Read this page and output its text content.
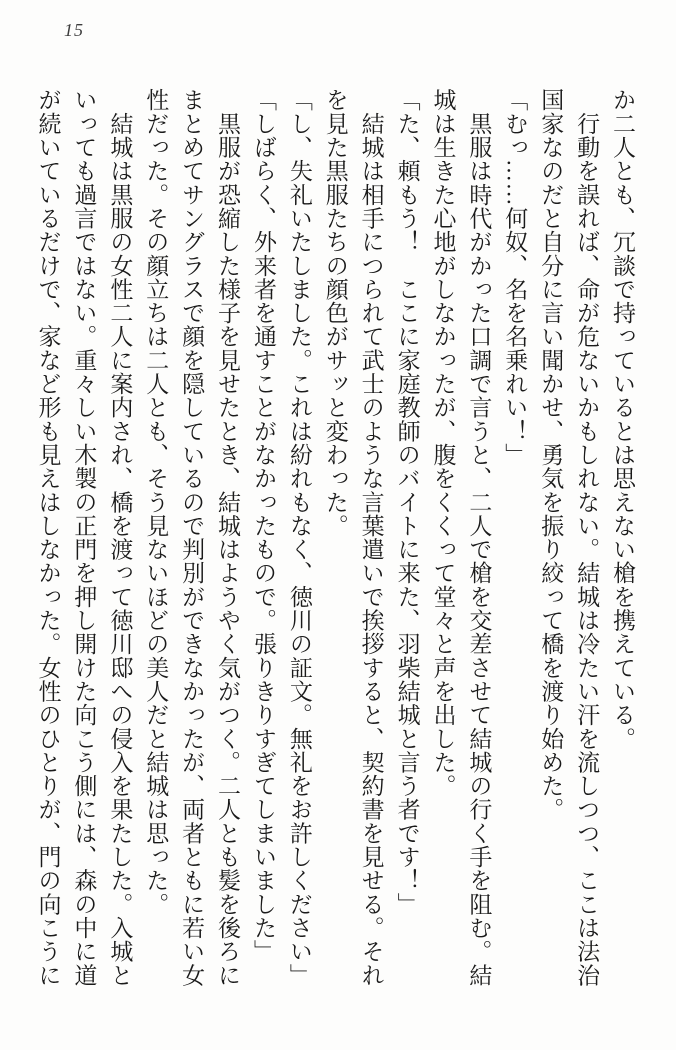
15

か二人とも、冗談で持っているとは思えない槍を携えている。

　行動を誤れば、命が危ないかもしれない。結城は冷たい汗を流しつつ、ここは法治

国家なのだと自分に言い聞かせ、勇気を振り絞って橋を渡り始めた。

「むっ……何奴、名を名乗れい！」

　黒服は時代がかった口調で言うと、二人で槍を交差させて結城の行く手を阻む。結

城は生きた心地がしなかったが、腹をくくって堂々と声を出した。

「た、頼もう！　ここに家庭教師のバイトに来た、羽柴結城と言う者です！」

　結城は相手につられて武士のような言葉遣いで挨拶すると、契約書を見せる。それ

を見た黒服たちの顔色がサッと変わった。

「し、失礼いたしました。これは紛れもなく、徳川の証文。無礼をお許しください」

「しばらく、外来者を通すことがなかったもので。張りきりすぎてしまいました」

　黒服が恐縮した様子を見せたとき、結城はようやく気がつく。二人とも髪を後ろに

まとめてサングラスで顔を隠しているので判別ができなかったが、両者ともに若い女

性だった。その顔立ちは二人とも、そう見ないほどの美人だと結城は思った。

　結城は黒服の女性二人に案内され、橋を渡って徳川邸への侵入を果たした。入城と

いっても過言ではない。重々しい木製の正門を押し開けた向こう側には、森の中に道

が続いているだけで、家など形も見えはしなかった。女性のひとりが、門の向こうに
